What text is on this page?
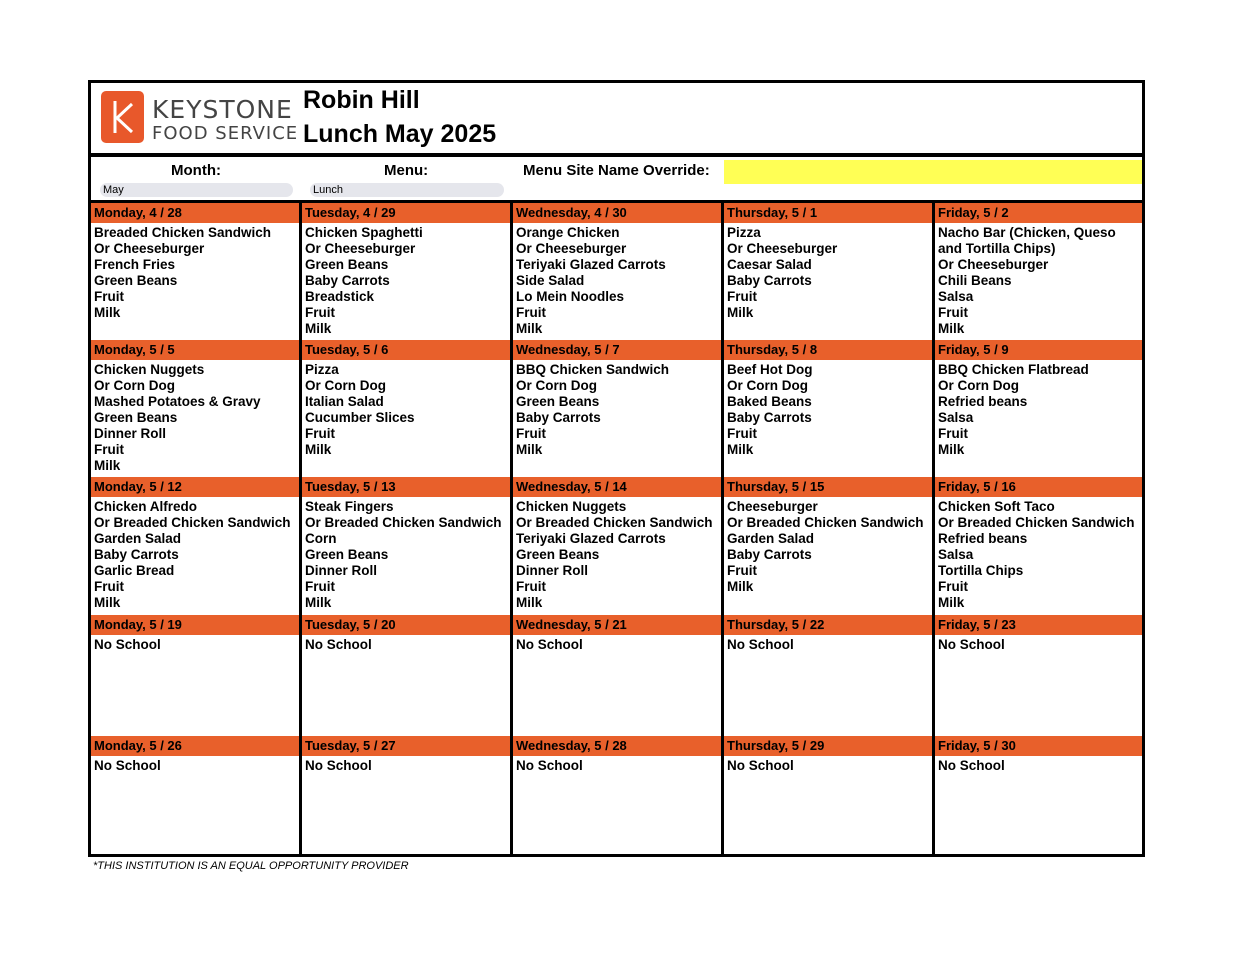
KEYSTONE
FOOD SERVICE
Robin Hill
Lunch May 2025
Month:
May
Menu:
Lunch
Menu Site Name Override:
Monday, 4 / 28
Breaded Chicken Sandwich
Or Cheeseburger
French Fries
Green Beans
Fruit
Milk
Tuesday, 4 / 29
Chicken Spaghetti
Or Cheeseburger
Green Beans
Baby Carrots
Breadstick
Fruit
Milk
Wednesday, 4 / 30
Orange Chicken
Or Cheeseburger
Teriyaki Glazed Carrots
Side Salad
Lo Mein Noodles
Fruit
Milk
Thursday, 5 / 1
Pizza
Or Cheeseburger
Caesar Salad
Baby Carrots
Fruit
Milk
Friday, 5 / 2
Nacho Bar (Chicken, Queso
and Tortilla Chips)
Or Cheeseburger
Chili Beans
Salsa
Fruit
Milk
Monday, 5 / 5
Chicken Nuggets
Or Corn Dog
Mashed Potatoes & Gravy
Green Beans
Dinner Roll
Fruit
Milk
Tuesday, 5 / 6
Pizza
Or Corn Dog
Italian Salad
Cucumber Slices
Fruit
Milk
Wednesday, 5 / 7
BBQ Chicken Sandwich
Or Corn Dog
Green Beans
Baby Carrots
Fruit
Milk
Thursday, 5 / 8
Beef Hot Dog
Or Corn Dog
Baked Beans
Baby Carrots
Fruit
Milk
Friday, 5 / 9
BBQ Chicken Flatbread
Or Corn Dog
Refried beans
Salsa
Fruit
Milk
Monday, 5 / 12
Chicken Alfredo
Or Breaded Chicken Sandwich
Garden Salad
Baby Carrots
Garlic Bread
Fruit
Milk
Tuesday, 5 / 13
Steak Fingers
Or Breaded Chicken Sandwich
Corn
Green Beans
Dinner Roll
Fruit
Milk
Wednesday, 5 / 14
Chicken Nuggets
Or Breaded Chicken Sandwich
Teriyaki Glazed Carrots
Green Beans
Dinner Roll
Fruit
Milk
Thursday, 5 / 15
Cheeseburger
Or Breaded Chicken Sandwich
Garden Salad
Baby Carrots
Fruit
Milk
Friday, 5 / 16
Chicken Soft Taco
Or Breaded Chicken Sandwich
Refried beans
Salsa
Tortilla Chips
Fruit
Milk
Monday, 5 / 19
No School
Tuesday, 5 / 20
No School
Wednesday, 5 / 21
No School
Thursday, 5 / 22
No School
Friday, 5 / 23
No School
Monday, 5 / 26
No School
Tuesday, 5 / 27
No School
Wednesday, 5 / 28
No School
Thursday, 5 / 29
No School
Friday, 5 / 30
No School
*THIS INSTITUTION IS AN EQUAL OPPORTUNITY PROVIDER
